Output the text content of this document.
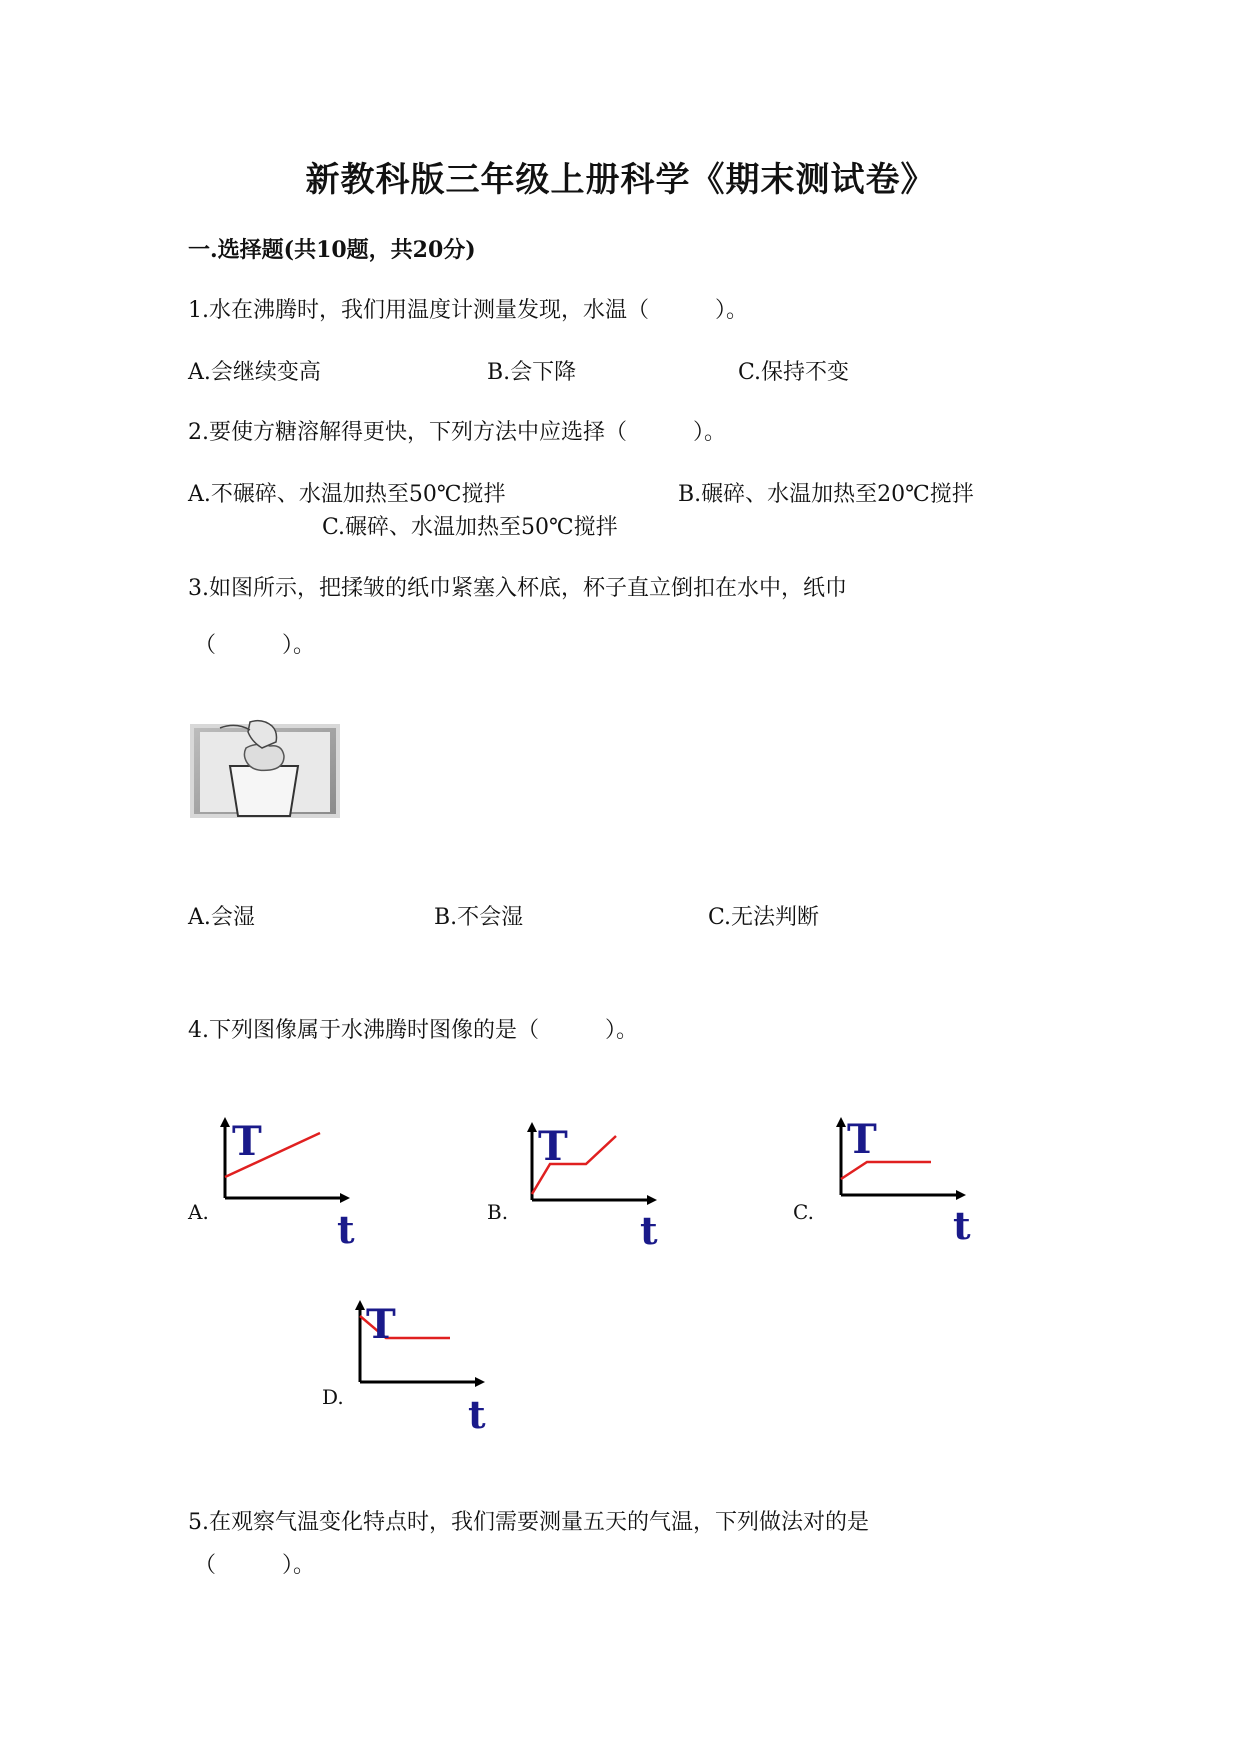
新教科版三年级上册科学《期末测试卷》
一.选择题(共10题，共20分)
1.水在沸腾时，我们用温度计测量发现，水温（　　　）。
A.会继续变高	B.会下降	C.保持不变
2.要使方糖溶解得更快，下列方法中应选择（　　　）。
A.不碾碎、水温加热至50℃搅拌	B.碾碎、水温加热至20℃搅拌
C.碾碎、水温加热至50℃搅拌
3.如图所示，把揉皱的纸巾紧塞入杯底，杯子直立倒扣在水中，纸巾
（　　　）。
A.会湿	B.不会湿	C.无法判断
4.下列图像属于水沸腾时图像的是（　　　）。
A.
T
t	B.
T
t	C.
T
t
D.
T
t
5.在观察气温变化特点时，我们需要测量五天的气温，下列做法对的是
（　　　）。
